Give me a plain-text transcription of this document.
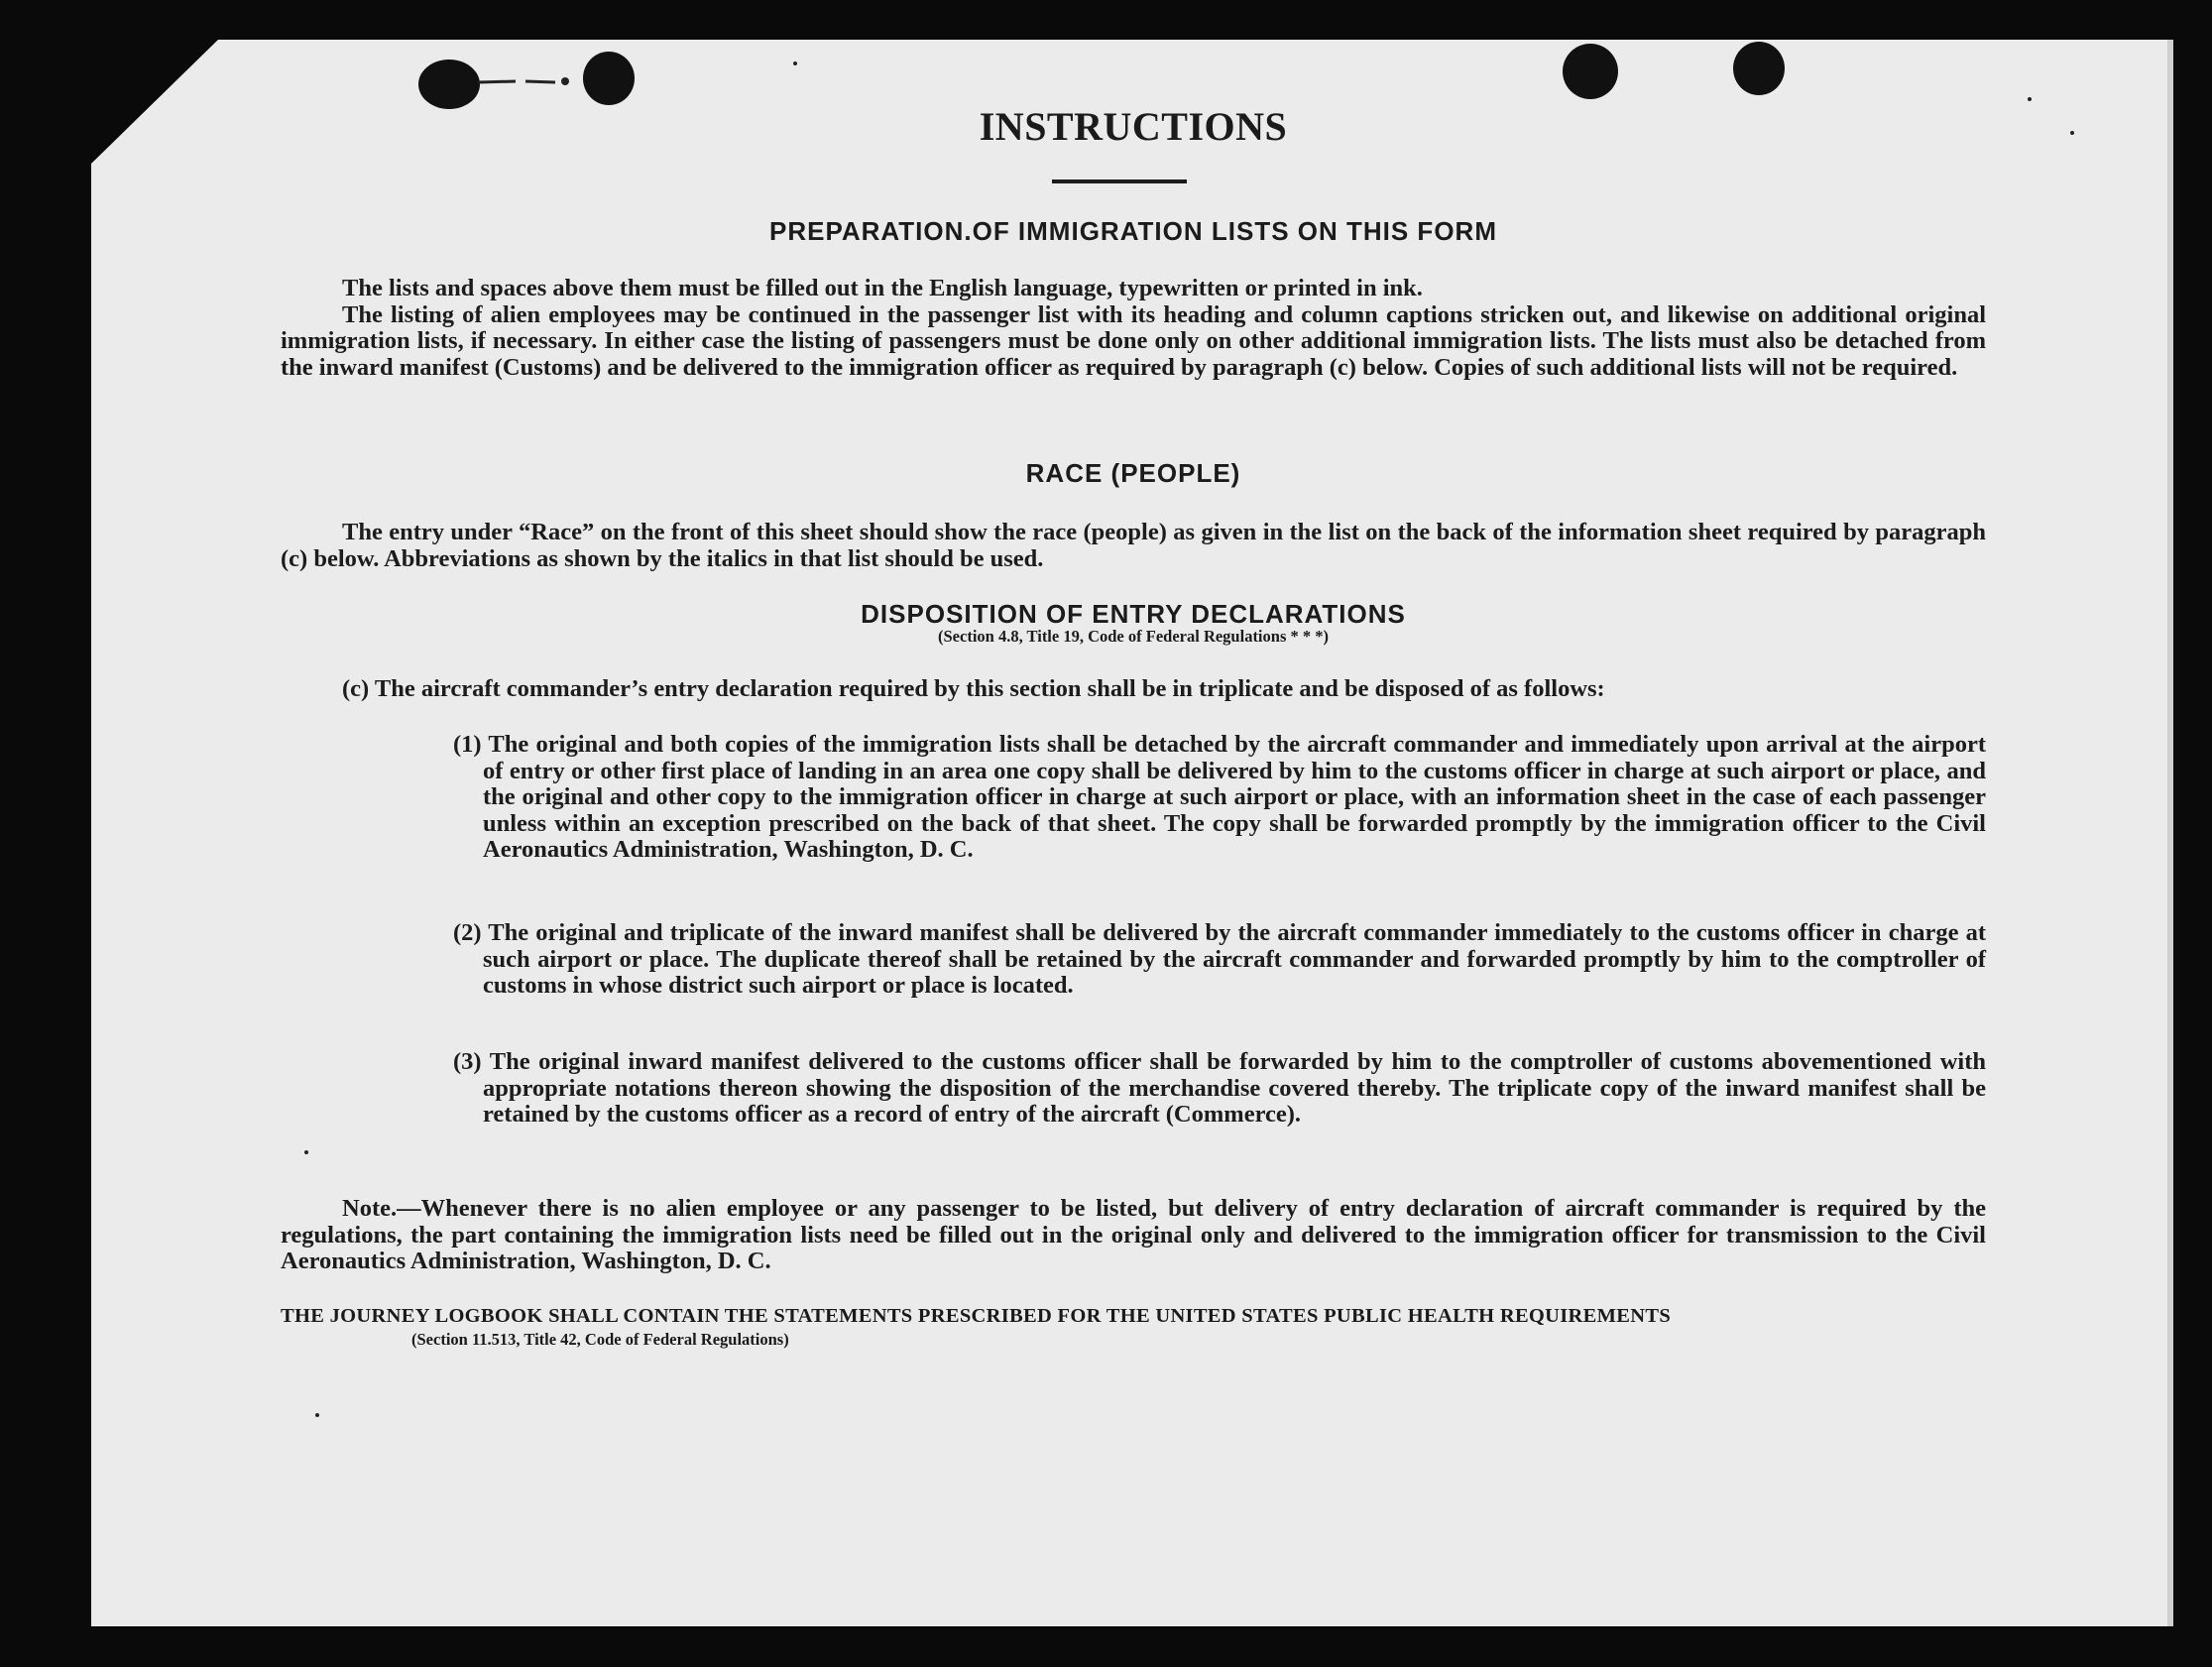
INSTRUCTIONS
PREPARATION.OF IMMIGRATION LISTS ON THIS FORM
The lists and spaces above them must be filled out in the English language, typewritten or printed in ink.
The listing of alien employees may be continued in the passenger list with its heading and column captions stricken out, and likewise on additional original immigration lists, if necessary. In either case the listing of passengers must be done only on other additional immigration lists. The lists must also be detached from the inward manifest (Customs) and be delivered to the immigration officer as required by paragraph (c) below. Copies of such additional lists will not be required.
RACE (PEOPLE)
The entry under “Race” on the front of this sheet should show the race (people) as given in the list on the back of the information sheet required by paragraph (c) below. Abbreviations as shown by the italics in that list should be used.
DISPOSITION OF ENTRY DECLARATIONS
(Section 4.8, Title 19, Code of Federal Regulations * * *)
(c) The aircraft commander’s entry declaration required by this section shall be in triplicate and be disposed of as follows:
(1) The original and both copies of the immigration lists shall be detached by the aircraft commander and immediately upon arrival at the airport of entry or other first place of landing in an area one copy shall be delivered by him to the customs officer in charge at such airport or place, and the original and other copy to the immigration officer in charge at such airport or place, with an information sheet in the case of each passenger unless within an exception prescribed on the back of that sheet. The copy shall be forwarded promptly by the immigration officer to the Civil Aeronautics Administration, Washington, D. C.
(2) The original and triplicate of the inward manifest shall be delivered by the aircraft commander immediately to the customs officer in charge at such airport or place. The duplicate thereof shall be retained by the aircraft commander and forwarded promptly by him to the comptroller of customs in whose district such airport or place is located.
(3) The original inward manifest delivered to the customs officer shall be forwarded by him to the comptroller of customs abovementioned with appropriate notations thereon showing the disposition of the merchandise covered thereby. The triplicate copy of the inward manifest shall be retained by the customs officer as a record of entry of the aircraft (Commerce).
Note.—Whenever there is no alien employee or any passenger to be listed, but delivery of entry declaration of aircraft commander is required by the regulations, the part containing the immigration lists need be filled out in the original only and delivered to the immigration officer for transmission to the Civil Aeronautics Administration, Washington, D. C.
THE JOURNEY LOGBOOK SHALL CONTAIN THE STATEMENTS PRESCRIBED FOR THE UNITED STATES PUBLIC HEALTH REQUIREMENTS
(Section 11.513, Title 42, Code of Federal Regulations)
